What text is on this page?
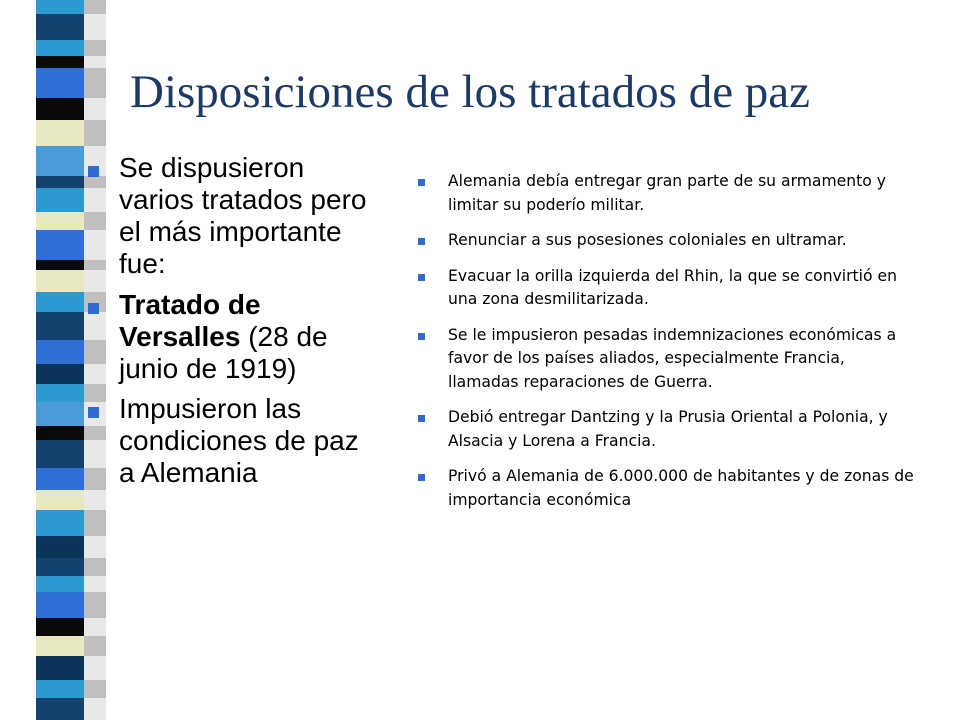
Disposiciones de los tratados de paz
Se dispusieron varios tratados pero el más importante fue:
Tratado de Versalles (28 de junio de 1919)
Impusieron las condiciones de paz a Alemania
Alemania debía entregar gran parte de su armamento y limitar su poderío militar.
Renunciar a sus posesiones coloniales en ultramar.
Evacuar la orilla izquierda del Rhin, la que se convirtió en una zona desmilitarizada.
Se le impusieron pesadas indemnizaciones económicas a favor de los países aliados, especialmente Francia, llamadas reparaciones de Guerra.
Debió entregar Dantzing y la Prusia Oriental a Polonia, y Alsacia y Lorena a Francia.
Privó a Alemania de 6.000.000 de habitantes y de zonas de importancia económica
